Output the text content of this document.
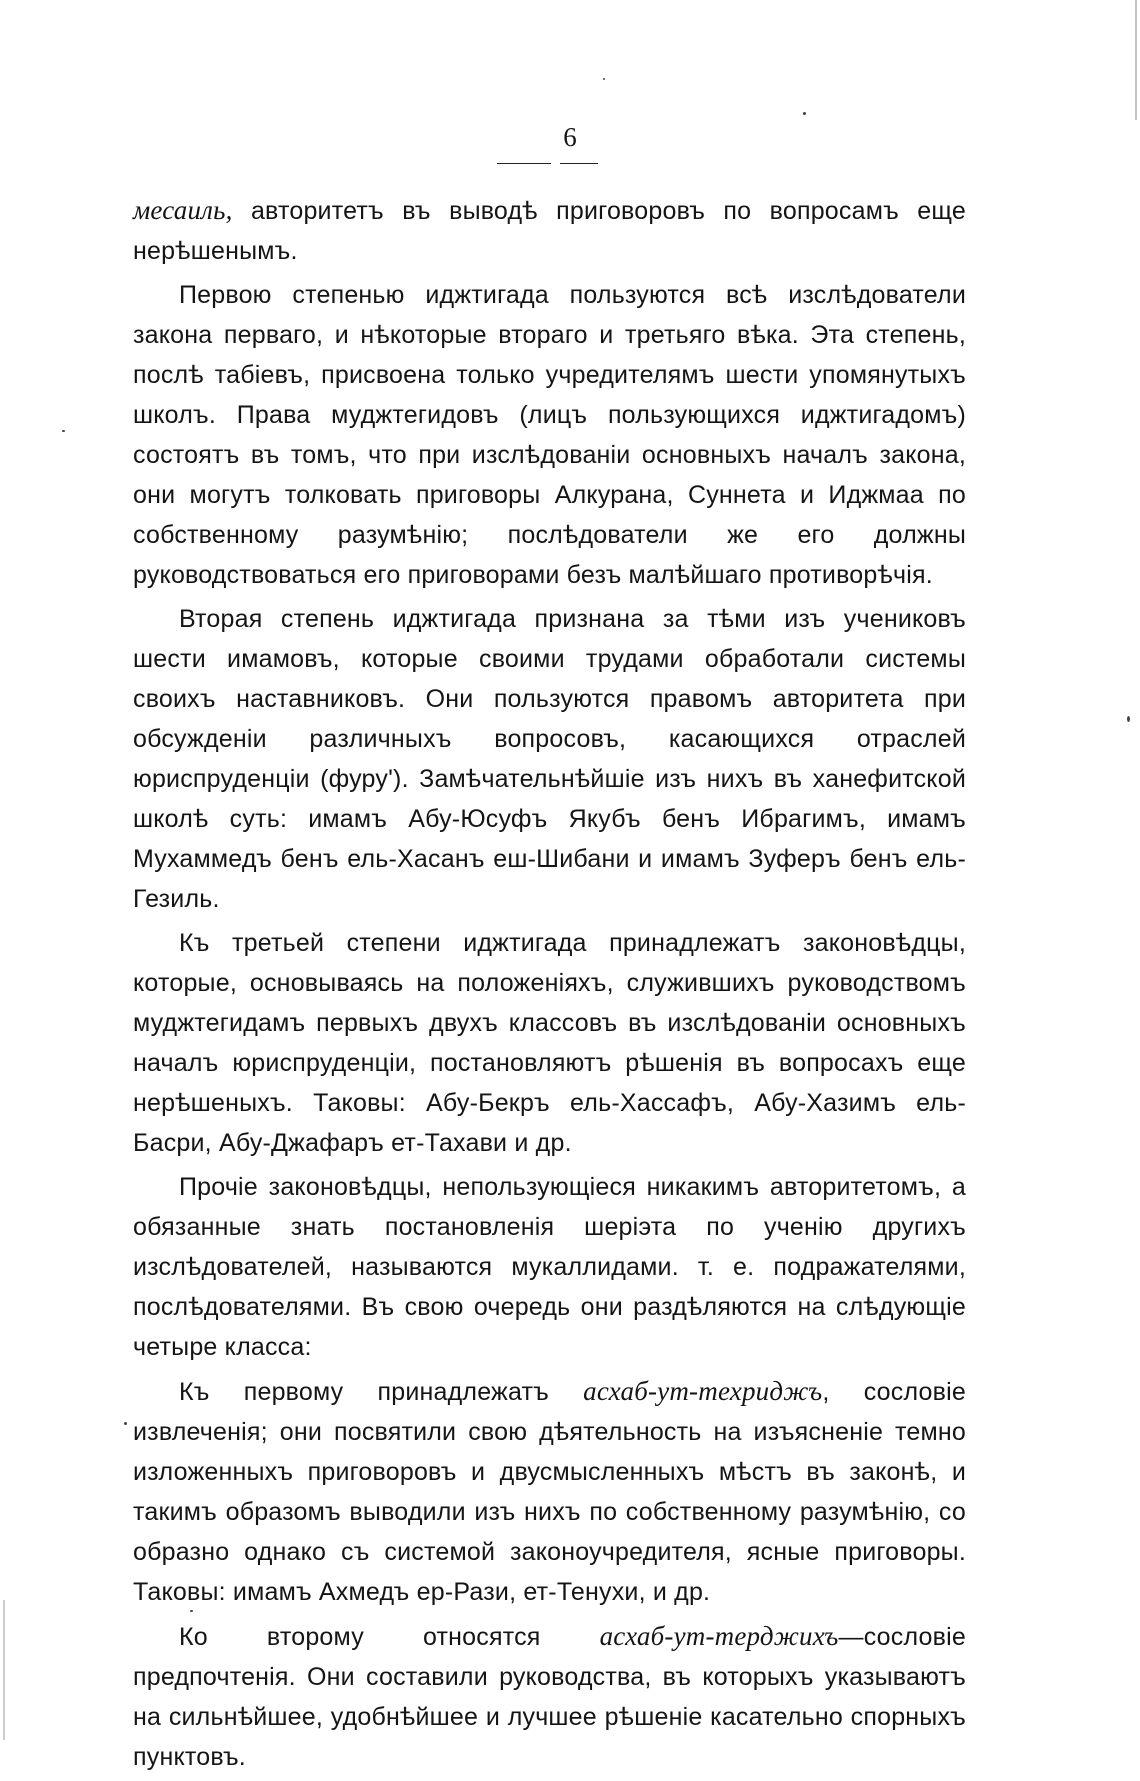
6

месаиль, авторитетъ въ выводѣ приговоровъ по вопросамъ еще нерѣшенымъ.

Первою степенью иджтигада пользуются всѣ изслѣдователи закона перваго, и нѣкоторые втораго и третьяго вѣка. Эта степень, послѣ табіевъ, присвоена только учредителямъ шести упомянутыхъ школъ. Права муджтегидовъ (лицъ пользующихся иджтигадомъ) состоятъ въ томъ, что при изслѣдованіи основныхъ началъ закона, они могутъ толковать приговоры Алкурана, Суннета и Иджмаа по собственному разумѣнію; послѣдователи же его должны руководствоваться его приговорами безъ малѣйшаго противорѣчія.

Вторая степень иджтигада признана за тѣми изъ учениковъ шести имамовъ, которые своими трудами обработали системы своихъ наставниковъ. Они пользуются правомъ авторитета при обсужденіи различныхъ вопросовъ, касающихся отраслей юриспруденціи (фуру'). Замѣчательнѣйшіе изъ нихъ въ ханефитской школѣ суть: имамъ Абу-Юсуфъ Якубъ бенъ Ибрагимъ, имамъ Мухаммедъ бенъ ель-Хасанъ еш-Шибани и имамъ Зуферъ бенъ ель-Гезиль.

Къ третьей степени иджтигада принадлежатъ законовѣдцы, которые, основываясь на положеніяхъ, служившихъ руководствомъ муджтегидамъ первыхъ двухъ классовъ въ изслѣдованіи основныхъ началъ юриспруденціи, постановляютъ рѣшенія въ вопросахъ еще нерѣшеныхъ. Таковы: Абу-Бекръ ель-Хассафъ, Абу-Хазимъ ель-Басри, Абу-Джафаръ ет-Тахави и др.

Прочіе законовѣдцы, непользующіеся никакимъ авторитетомъ, а обязанные знать постановленія шеріэта по ученію другихъ изслѣдователей, называются мукаллидами. т. е. подражателями, послѣдователями. Въ свою очередь они раздѣляются на слѣдующіе четыре класса:

Къ первому принадлежатъ асхаб-ут-техриджъ, сословіе извлеченія; они посвятили свою дѣятельность на изъясненіе темно изложенныхъ приговоровъ и двусмысленныхъ мѣстъ въ законѣ, и такимъ образомъ выводили изъ нихъ по собственному разумѣнію, со образно однако съ системой законоучредителя, ясные приговоры. Таковы: имамъ Ахмедъ ер-Рази, ет-Тенухи, и др.

Ко второму относятся асхаб-ут-терджихъ—сословіе предпочтенія. Они составили руководства, въ которыхъ указываютъ на сильнѣйшее, удобнѣйшее и лучшее рѣшеніе касательно спорныхъ пунктовъ.
